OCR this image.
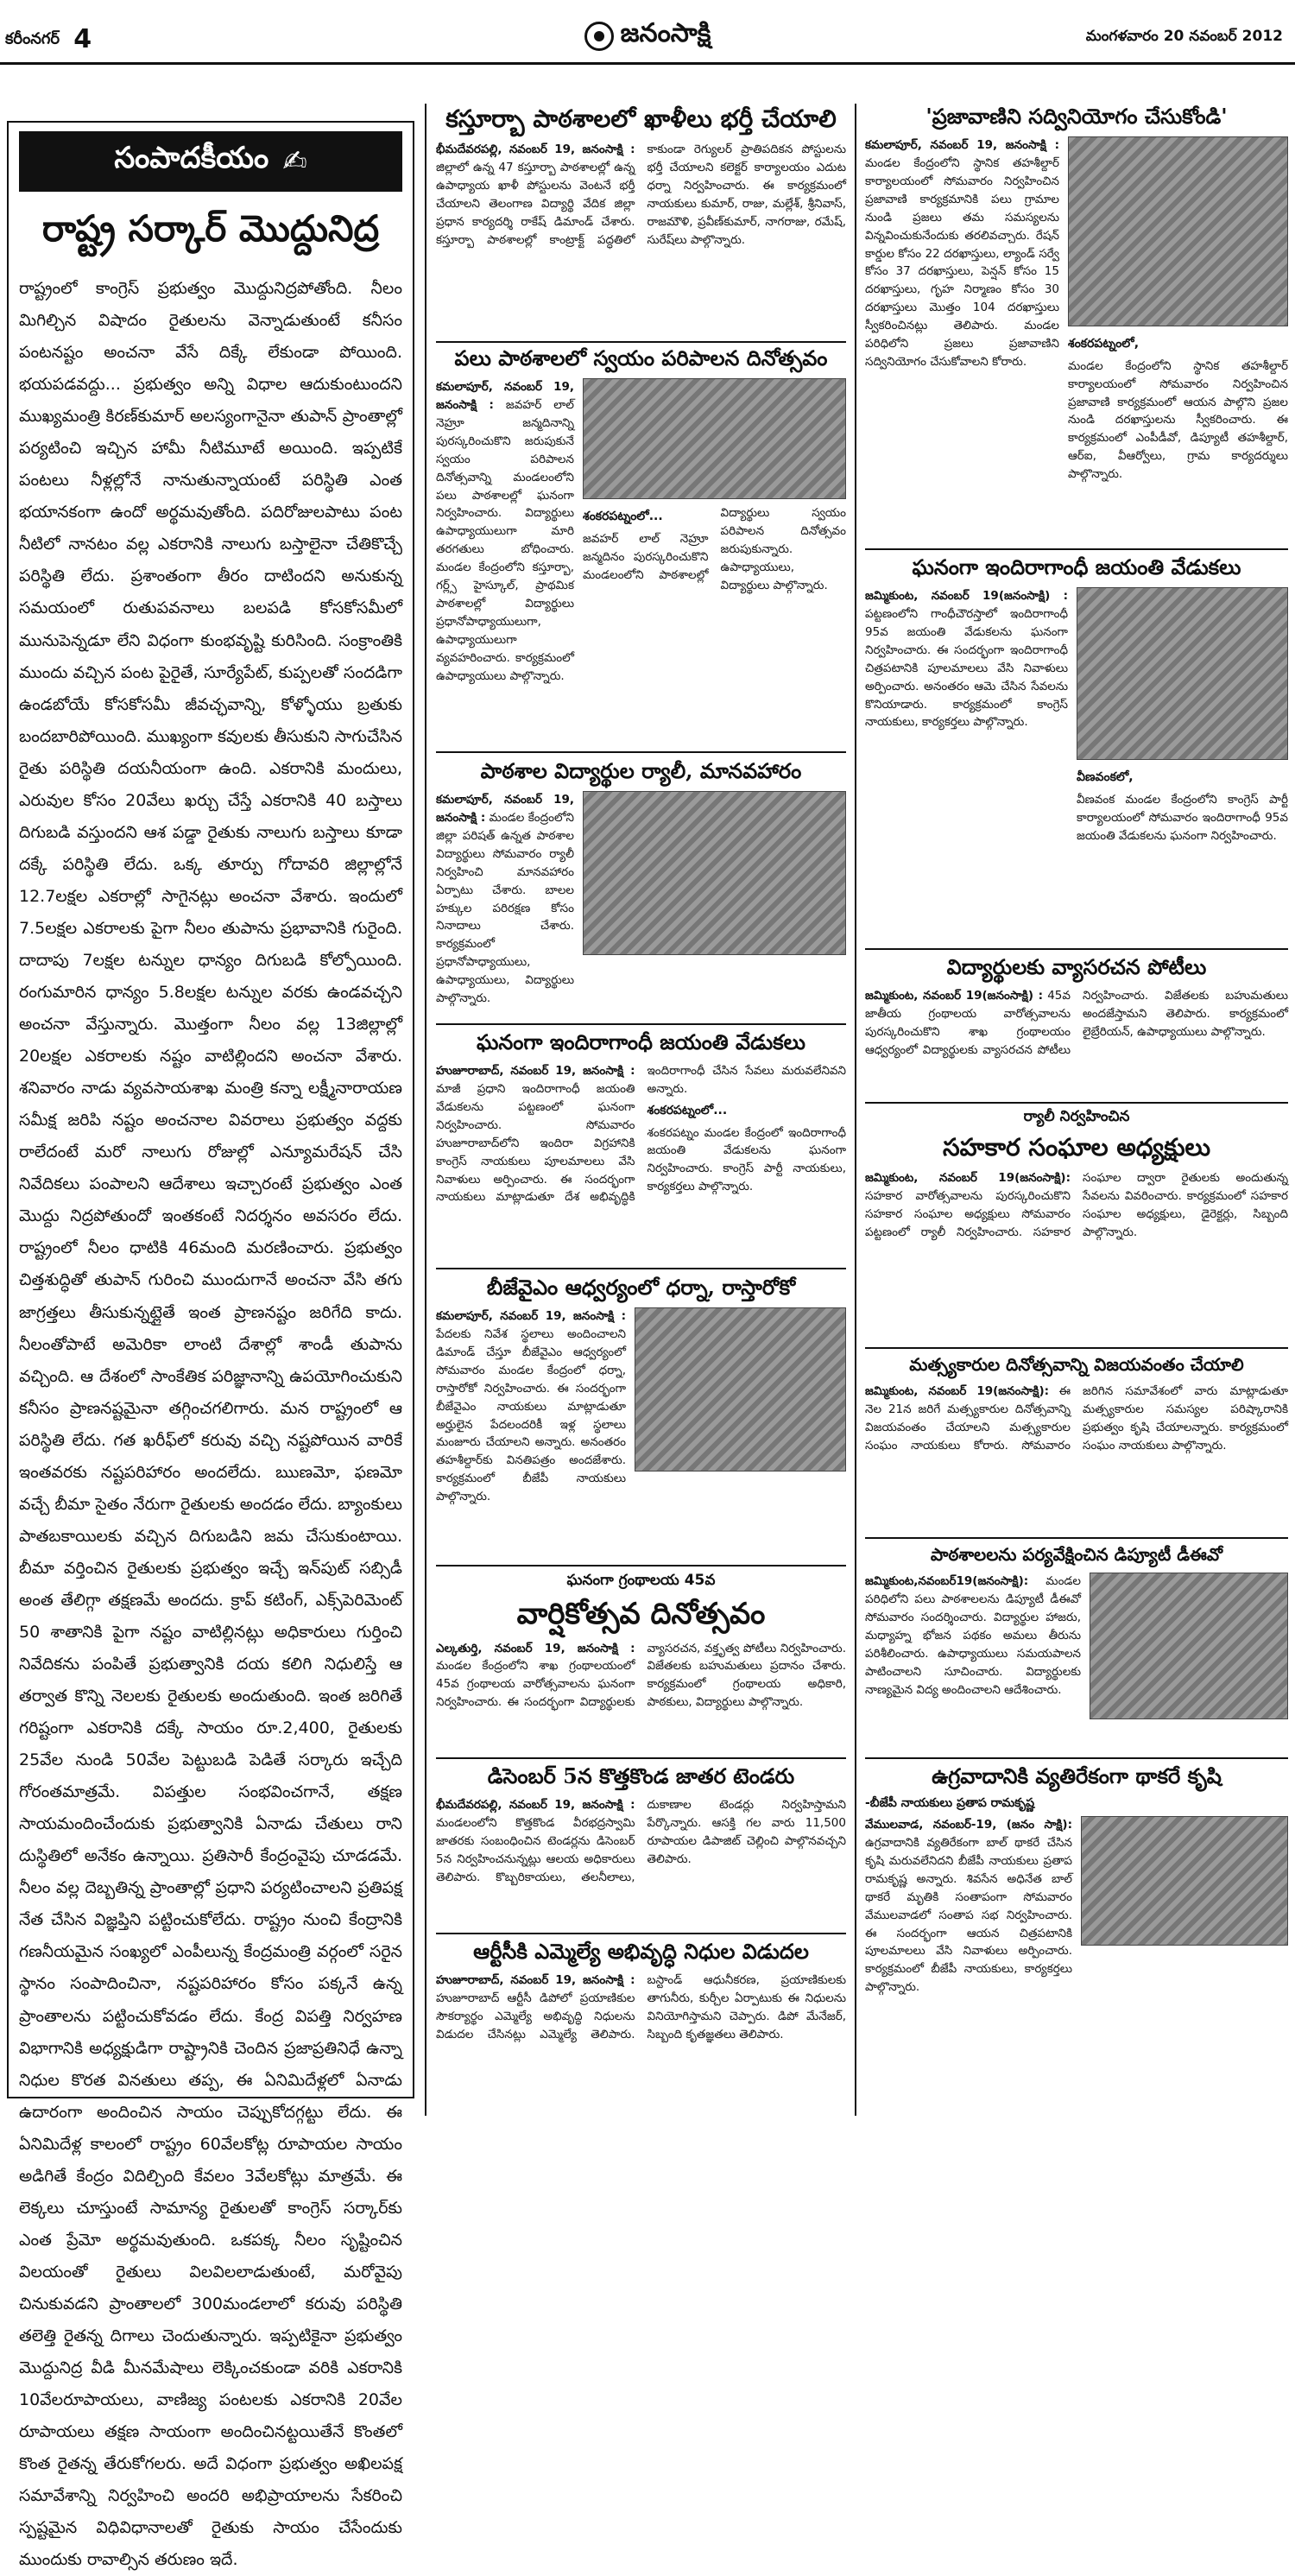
కరీంనగర్ 4	జనంసాక్షి	మంగళవారం 20 నవంబర్ 2012
సంపాదకీయం ✍
రాష్ట్ర సర్కార్ మొద్దునిద్ర
రాష్ట్రంలో కాంగ్రెస్ ప్రభుత్వం మొద్దునిద్రపోతోంది. నీలం మిగిల్చిన విషాదం రైతులను వెన్నాడుతుంటే కనీసం పంటనష్టం అంచనా వేసే దిక్కే లేకుండా పోయింది. భయపడవద్దు... ప్రభుత్వం అన్ని విధాల ఆదుకుంటుందని ముఖ్యమంత్రి కిరణ్‌కుమార్ అలస్యంగానైనా తుపాన్ ప్రాంతాల్లో పర్యటించి ఇచ్చిన హామీ నీటిమూటే అయింది. ఇప్పటికే పంటలు నీళ్లల్లోనే నానుతున్నాయంటే పరిస్థితి ఎంత భయానకంగా ఉందో అర్థమవుతోంది. పదిరోజులపాటు పంట నీటిలో నానటం వల్ల ఎకరానికి నాలుగు బస్తాలైనా చేతికొచ్చే పరిస్థితి లేదు. ప్రశాంతంగా తీరం దాటిందని అనుకున్న సమయంలో రుతుపవనాలు బలపడి కోసకోసమీలో మునుపెన్నడూ లేని విధంగా కుంభవృష్టి కురిసింది. సంక్రాంతికి ముందు వచ్చిన పంట పైరైతే, సూర్యేపేట్, కుప్పలతో సందడిగా ఉండబోయే కోసకోసమీ జీవచ్ఛవాన్ని, కోళ్ళోయు బ్రతుకు బందబారిపోయింది. ముఖ్యంగా కవులకు తీసుకుని సాగుచేసిన రైతు పరిస్థితి దయనీయంగా ఉంది. ఎకరానికి మందులు, ఎరువుల కోసం 20వేలు ఖర్చు చేస్తే ఎకరానికి 40 బస్తాలు దిగుబడి వస్తుందని ఆశ పడ్డా రైతుకు నాలుగు బస్తాలు కూడా దక్కే పరిస్థితి లేదు. ఒక్క తూర్పు గోదావరి జిల్లాల్లోనే 12.7లక్షల ఎకరాల్లో సాగైనట్లు అంచనా వేశారు. ఇందులో 7.5లక్షల ఎకరాలకు పైగా నీలం తుపాను ప్రభావానికి గురైంది. దాదాపు 7లక్షల టన్నుల ధాన్యం దిగుబడి కోల్పోయింది. రంగుమారిన ధాన్యం 5.8లక్షల టన్నుల వరకు ఉండవచ్చని అంచనా వేస్తున్నారు. మొత్తంగా నీలం వల్ల 13జిల్లాల్లో 20లక్షల ఎకరాలకు నష్టం వాటిల్లిందని అంచనా వేశారు. శనివారం నాడు వ్యవసాయశాఖ మంత్రి కన్నా లక్ష్మీనారాయణ సమీక్ష జరిపి నష్టం అంచనాల వివరాలు ప్రభుత్వం వద్దకు రాలేదంటే మరో నాలుగు రోజుల్లో ఎన్యూమరేషన్ చేసి నివేదికలు పంపాలని ఆదేశాలు ఇచ్చారంటే ప్రభుత్వం ఎంత మొద్దు నిద్రపోతుందో ఇంతకంటే నిదర్శనం అవసరం లేదు. రాష్ట్రంలో నీలం ధాటికి 46మంది మరణించారు. ప్రభుత్వం చిత్తశుద్ధితో తుపాన్ గురించి ముందుగానే అంచనా వేసి తగు జాగ్రత్తలు తీసుకున్నట్లైతే ఇంత ప్రాణనష్టం జరిగేది కాదు. నీలంతోపాటే అమెరికా లాంటి దేశాల్లో శాండీ తుపాను వచ్చింది. ఆ దేశంలో సాంకేతిక పరిజ్ఞానాన్ని ఉపయోగించుకుని కనీసం ప్రాణనష్టమైనా తగ్గించగలిగారు. మన రాష్ట్రంలో ఆ పరిస్థితి లేదు. గత ఖరీఫ్‌లో కరువు వచ్చి నష్టపోయిన వారికే ఇంతవరకు నష్టపరిహారం అందలేదు. ఋణమో, ఫణమో వచ్చే బీమా సైతం నేరుగా రైతులకు అందడం లేదు. బ్యాంకులు పాతబకాయిలకు వచ్చిన దిగుబడిని జమ చేసుకుంటాయి. బీమా వర్తించిన రైతులకు ప్రభుత్వం ఇచ్చే ఇన్‌పుట్ సబ్సిడీ అంత తేలిగ్గా తక్షణమే అందదు. క్రాప్ కటింగ్, ఎక్స్‌పెరిమెంట్ 50 శాతానికి పైగా నష్టం వాటిల్లినట్లు అధికారులు గుర్తించి నివేదికను పంపితే ప్రభుత్వానికి దయ కలిగి నిధులిస్తే ఆ తర్వాత కొన్ని నెలలకు రైతులకు అందుతుంది. ఇంత జరిగితే గరిష్టంగా ఎకరానికి దక్కే సాయం రూ.2,400, రైతులకు 25వేల నుండి 50వేల పెట్టుబడి పెడితే సర్కారు ఇచ్చేది గోరంతమాత్రమే. విపత్తుల సంభవించగానే, తక్షణ సాయమందించేందుకు ప్రభుత్వానికి ఏనాడు చేతులు రాని దుస్థితిలో అనేకం ఉన్నాయి. ప్రతిసారీ కేంద్రంవైపు చూడడమే. నీలం వల్ల దెబ్బతిన్న ప్రాంతాల్లో ప్రధాని పర్యటించాలని ప్రతిపక్ష నేత చేసిన విజ్ఞప్తిని పట్టించుకోలేదు. రాష్ట్రం నుంచి కేంద్రానికి గణనీయమైన సంఖ్యలో ఎంపీలున్న కేంద్రమంత్రి వర్గంలో సరైన స్థానం సంపాదించినా, నష్టపరిహారం కోసం పక్కనే ఉన్న ప్రాంతాలను పట్టించుకోవడం లేదు. కేంద్ర విపత్తి నిర్వహణ విభాగానికి అధ్యక్షుడిగా రాష్ట్రానికి చెందిన ప్రజాప్రతినిధే ఉన్నా నిధుల కొరత వినతులు తప్ప, ఈ ఏనిమిదేళ్లలో ఏనాడు ఉదారంగా అందించిన సాయం చెప్పుకోదగ్గట్టు లేదు. ఈ ఏనిమిదేళ్ల కాలంలో రాష్ట్రం 60వేలకోట్ల రూపాయల సాయం అడిగితే కేంద్రం విదిల్చింది కేవలం 3వేలకోట్లు మాత్రమే. ఈ లెక్కలు చూస్తుంటే సామాన్య రైతులతో కాంగ్రెస్ సర్కార్‌కు ఎంత ప్రేమో అర్థమవుతుంది. ఒకపక్క నీలం సృష్టించిన విలయంతో రైతులు విలవిలలాడుతుంటే, మరోవైపు చినుకువడని ప్రాంతాలలో 300మండలాలో కరువు పరిస్థితి తలెత్తి రైతన్న దిగాలు చెందుతున్నారు. ఇప్పటికైనా ప్రభుత్వం మొద్దునిద్ర వీడి మీనమేషాలు లెక్కించకుండా వరికి ఎకరానికి 10వేలరూపాయలు, వాణిజ్య పంటలకు ఎకరానికి 20వేల రూపాయలు తక్షణ సాయంగా అందించినట్టయితేనే కొంతలో కొంత రైతన్న తేరుకోగలరు. అదే విధంగా ప్రభుత్వం అఖిలపక్ష సమావేశాన్ని నిర్వహించి అందరి అభిప్రాయాలను సేకరించి స్పష్టమైన విధివిధానాలతో రైతుకు సాయం చేసేందుకు ముందుకు రావాల్సిన తరుణం ఇదే.
కస్తూర్బా పాఠశాలలో ఖాళీలు భర్తీ చేయాలి
భీమదేవరపల్లి, నవంబర్ 19, జనంసాక్షి : జిల్లాలో ఉన్న 47 కస్తూర్బా పాఠశాలల్లో ఉన్న ఉపాధ్యాయ ఖాళీ పోస్టులను వెంటనే భర్తీ చేయాలని తెలంగాణ విద్యార్థి వేదిక జిల్లా ప్రధాన కార్యదర్శి రాకేష్ డిమాండ్ చేశారు. కస్తూర్బా పాఠశాలల్లో కాంట్రాక్ట్ పద్ధతిలో కాకుండా రెగ్యులర్ ప్రాతిపదికన పోస్టులను భర్తీ చేయాలని కలెక్టర్ కార్యాలయం ఎదుట ధర్నా నిర్వహించారు. ఈ కార్యక్రమంలో నాయకులు కుమార్, రాజు, మల్లేశ్, శ్రీనివాస్, రాజమౌళి, ప్రవీణ్‌కుమార్, నాగరాజు, రమేష్, సురేష్‌లు పాల్గొన్నారు.
పలు పాఠశాలలో స్వయం పరిపాలన దినోత్సవం
కమలాపూర్, నవంబర్ 19, జనంసాక్షి : జవహర్ లాల్ నెహ్రూ జన్మదినాన్ని పురస్కరించుకొని జరుపుకునే స్వయం పరిపాలన దినోత్సవాన్ని మండలంలోని పలు పాఠశాలల్లో ఘనంగా నిర్వహించారు. విద్యార్థులు ఉపాధ్యాయులుగా మారి తరగతులు బోధించారు. మండల కేంద్రంలోని కస్తూర్బా, గర్ల్స్ హైస్కూల్, ప్రాథమిక పాఠశాలల్లో విద్యార్థులు ప్రధానోపాధ్యాయులుగా, ఉపాధ్యాయులుగా వ్యవహరించారు. కార్యక్రమంలో ఉపాధ్యాయులు పాల్గొన్నారు.
శంకరపట్నంలో...
జవహర్ లాల్ నెహ్రూ జన్మదినం పురస్కరించుకొని మండలంలోని పాఠశాలల్లో విద్యార్థులు స్వయం పరిపాలన దినోత్సవం జరుపుకున్నారు. ఉపాధ్యాయులు, విద్యార్థులు పాల్గొన్నారు.
పాఠశాల విద్యార్థుల ర్యాలీ, మానవహారం
కమలాపూర్, నవంబర్ 19, జనంసాక్షి : మండల కేంద్రంలోని జిల్లా పరిషత్ ఉన్నత పాఠశాల విద్యార్థులు సోమవారం ర్యాలీ నిర్వహించి మానవహారం ఏర్పాటు చేశారు. బాలల హక్కుల పరిరక్షణ కోసం నినాదాలు చేశారు. కార్యక్రమంలో ప్రధానోపాధ్యాయులు, ఉపాధ్యాయులు, విద్యార్థులు పాల్గొన్నారు.
ఘనంగా ఇందిరాగాంధీ జయంతి వేడుకలు
హుజూరాబాద్, నవంబర్ 19, జనంసాక్షి : మాజీ ప్రధాని ఇందిరాగాంధీ జయంతి వేడుకలను పట్టణంలో ఘనంగా నిర్వహించారు. సోమవారం హుజూరాబాద్‌లోని ఇందిరా విగ్రహానికి కాంగ్రెస్ నాయకులు పూలమాలలు వేసి నివాళులు అర్పించారు. ఈ సందర్భంగా నాయకులు మాట్లాడుతూ దేశ అభివృద్ధికి ఇందిరాగాంధీ చేసిన సేవలు మరువలేనివని అన్నారు.
శంకరపట్నంలో...
శంకరపట్నం మండల కేంద్రంలో ఇందిరాగాంధీ జయంతి వేడుకలను ఘనంగా నిర్వహించారు. కాంగ్రెస్ పార్టీ నాయకులు, కార్యకర్తలు పాల్గొన్నారు.
బీజేవైఎం ఆధ్వర్యంలో ధర్నా, రాస్తారోకో
కమలాపూర్, నవంబర్ 19, జనంసాక్షి : పేదలకు నివేశ స్థలాలు అందించాలని డిమాండ్ చేస్తూ బీజేవైఎం ఆధ్వర్యంలో సోమవారం మండల కేంద్రంలో ధర్నా, రాస్తారోకో నిర్వహించారు. ఈ సందర్భంగా బీజేవైఎం నాయకులు మాట్లాడుతూ అర్హులైన పేదలందరికీ ఇళ్ల స్థలాలు మంజూరు చేయాలని అన్నారు. అనంతరం తహశీల్దార్‌కు వినతిపత్రం అందజేశారు. కార్యక్రమంలో బీజేపీ నాయకులు పాల్గొన్నారు.
ఘనంగా గ్రంథాలయ 45వ
వార్షికోత్సవ దినోత్సవం
ఎల్కతుర్తి, నవంబర్ 19, జనంసాక్షి : మండల కేంద్రంలోని శాఖ గ్రంథాలయంలో 45వ గ్రంథాలయ వారోత్సవాలను ఘనంగా నిర్వహించారు. ఈ సందర్భంగా విద్యార్థులకు వ్యాసరచన, వక్తృత్వ పోటీలు నిర్వహించారు. విజేతలకు బహుమతులు ప్రదానం చేశారు. కార్యక్రమంలో గ్రంథాలయ అధికారి, పాఠకులు, విద్యార్థులు పాల్గొన్నారు.
డిసెంబర్ 5న కొత్తకొండ జాతర టెండరు
భీమదేవరపల్లి, నవంబర్ 19, జనంసాక్షి : మండలంలోని కొత్తకొండ వీరభద్రస్వామి జాతరకు సంబంధించిన టెండర్లను డిసెంబర్ 5న నిర్వహించనున్నట్లు ఆలయ అధికారులు తెలిపారు. కొబ్బరికాయలు, తలనీలాలు, దుకాణాల టెండర్లు నిర్వహిస్తామని పేర్కొన్నారు. ఆసక్తి గల వారు 11,500 రూపాయల డిపాజిట్ చెల్లించి పాల్గొనవచ్చని తెలిపారు.
ఆర్టీసీకి ఎమ్మెల్యే అభివృద్ధి నిధుల విడుదల
హుజూరాబాద్, నవంబర్ 19, జనంసాక్షి : హుజూరాబాద్ ఆర్టీసీ డిపోలో ప్రయాణికుల సౌకర్యార్థం ఎమ్మెల్యే అభివృద్ధి నిధులను విడుదల చేసినట్లు ఎమ్మెల్యే తెలిపారు. బస్టాండ్ ఆధునీకరణ, ప్రయాణికులకు తాగునీరు, కుర్చీల ఏర్పాటుకు ఈ నిధులను వినియోగిస్తామని చెప్పారు. డిపో మేనేజర్, సిబ్బంది కృతజ్ఞతలు తెలిపారు.
'ప్రజావాణిని సద్వినియోగం చేసుకోండి'
కమలాపూర్, నవంబర్ 19, జనంసాక్షి : మండల కేంద్రంలోని స్థానిక తహశీల్దార్ కార్యాలయంలో సోమవారం నిర్వహించిన ప్రజావాణి కార్యక్రమానికి పలు గ్రామాల నుండి ప్రజలు తమ సమస్యలను విన్నవించుకునేందుకు తరలివచ్చారు. రేషన్ కార్డుల కోసం 22 దరఖాస్తులు, ల్యాండ్ సర్వే కోసం 37 దరఖాస్తులు, పెన్షన్ కోసం 15 దరఖాస్తులు, గృహ నిర్మాణం కోసం 30 దరఖాస్తులు మొత్తం 104 దరఖాస్తులు స్వీకరించినట్లు తెలిపారు. మండల పరిధిలోని ప్రజలు ప్రజావాణిని సద్వినియోగం చేసుకోవాలని కోరారు.
శంకరపట్నంలో,
మండల కేంద్రంలోని స్థానిక తహశీల్దార్ కార్యాలయంలో సోమవారం నిర్వహించిన ప్రజావాణి కార్యక్రమంలో ఆయన పాల్గొని ప్రజల నుండి దరఖాస్తులను స్వీకరించారు. ఈ కార్యక్రమంలో ఎంపీడీవో, డిప్యూటీ తహశీల్దార్, ఆర్ఐ, వీఆర్వోలు, గ్రామ కార్యదర్శులు పాల్గొన్నారు.
ఘనంగా ఇందిరాగాంధీ జయంతి వేడుకలు
జమ్మికుంట, నవంబర్ 19(జనంసాక్షి) : పట్టణంలోని గాంధీచౌరస్తాలో ఇందిరాగాంధీ 95వ జయంతి వేడుకలను ఘనంగా నిర్వహించారు. ఈ సందర్భంగా ఇందిరాగాంధీ చిత్రపటానికి పూలమాలలు వేసి నివాళులు అర్పించారు. అనంతరం ఆమె చేసిన సేవలను కొనియాడారు. కార్యక్రమంలో కాంగ్రెస్ నాయకులు, కార్యకర్తలు పాల్గొన్నారు.
వీణవంకలో,
వీణవంక మండల కేంద్రంలోని కాంగ్రెస్ పార్టీ కార్యాలయంలో సోమవారం ఇందిరాగాంధీ 95వ జయంతి వేడుకలను ఘనంగా నిర్వహించారు.
విద్యార్థులకు వ్యాసరచన పోటీలు
జమ్మికుంట, నవంబర్ 19(జనంసాక్షి) : 45వ జాతీయ గ్రంథాలయ వారోత్సవాలను పురస్కరించుకొని శాఖ గ్రంథాలయం ఆధ్వర్యంలో విద్యార్థులకు వ్యాసరచన పోటీలు నిర్వహించారు. విజేతలకు బహుమతులు అందజేస్తామని తెలిపారు. కార్యక్రమంలో లైబ్రేరియన్, ఉపాధ్యాయులు పాల్గొన్నారు.
ర్యాలీ నిర్వహించిన
సహకార సంఘాల అధ్యక్షులు
జమ్మికుంట, నవంబర్ 19(జనంసాక్షి): సహకార వారోత్సవాలను పురస్కరించుకొని సహకార సంఘాల అధ్యక్షులు సోమవారం పట్టణంలో ర్యాలీ నిర్వహించారు. సహకార సంఘాల ద్వారా రైతులకు అందుతున్న సేవలను వివరించారు. కార్యక్రమంలో సహకార సంఘాల అధ్యక్షులు, డైరెక్టర్లు, సిబ్బంది పాల్గొన్నారు.
మత్స్యకారుల దినోత్సవాన్ని విజయవంతం చేయాలి
జమ్మికుంట, నవంబర్ 19(జనంసాక్షి): ఈ నెల 21న జరిగే మత్స్యకారుల దినోత్సవాన్ని విజయవంతం చేయాలని మత్స్యకారుల సంఘం నాయకులు కోరారు. సోమవారం జరిగిన సమావేశంలో వారు మాట్లాడుతూ మత్స్యకారుల సమస్యల పరిష్కారానికి ప్రభుత్వం కృషి చేయాలన్నారు. కార్యక్రమంలో సంఘం నాయకులు పాల్గొన్నారు.
పాఠశాలలను పర్యవేక్షించిన డిప్యూటీ డీఈవో
జమ్మికుంట,నవంబర్19(జనంసాక్షి): మండల పరిధిలోని పలు పాఠశాలలను డిప్యూటీ డీఈవో సోమవారం సందర్శించారు. విద్యార్థుల హాజరు, మధ్యాహ్న భోజన పథకం అమలు తీరును పరిశీలించారు. ఉపాధ్యాయులు సమయపాలన పాటించాలని సూచించారు. విద్యార్థులకు నాణ్యమైన విద్య అందించాలని ఆదేశించారు.
ఉగ్రవాదానికి వ్యతిరేకంగా థాకరే కృషి
-బీజేపీ నాయకులు ప్రతాప రామకృష్ణ
వేములవాడ, నవంబర్-19, (జనం సాక్షి): ఉగ్రవాదానికి వ్యతిరేకంగా బాల్ థాకరే చేసిన కృషి మరువలేనిదని బీజేపీ నాయకులు ప్రతాప రామకృష్ణ అన్నారు. శివసేన అధినేత బాల్ థాకరే మృతికి సంతాపంగా సోమవారం వేములవాడలో సంతాప సభ నిర్వహించారు. ఈ సందర్భంగా ఆయన చిత్రపటానికి పూలమాలలు వేసి నివాళులు అర్పించారు. కార్యక్రమంలో బీజేపీ నాయకులు, కార్యకర్తలు పాల్గొన్నారు.
